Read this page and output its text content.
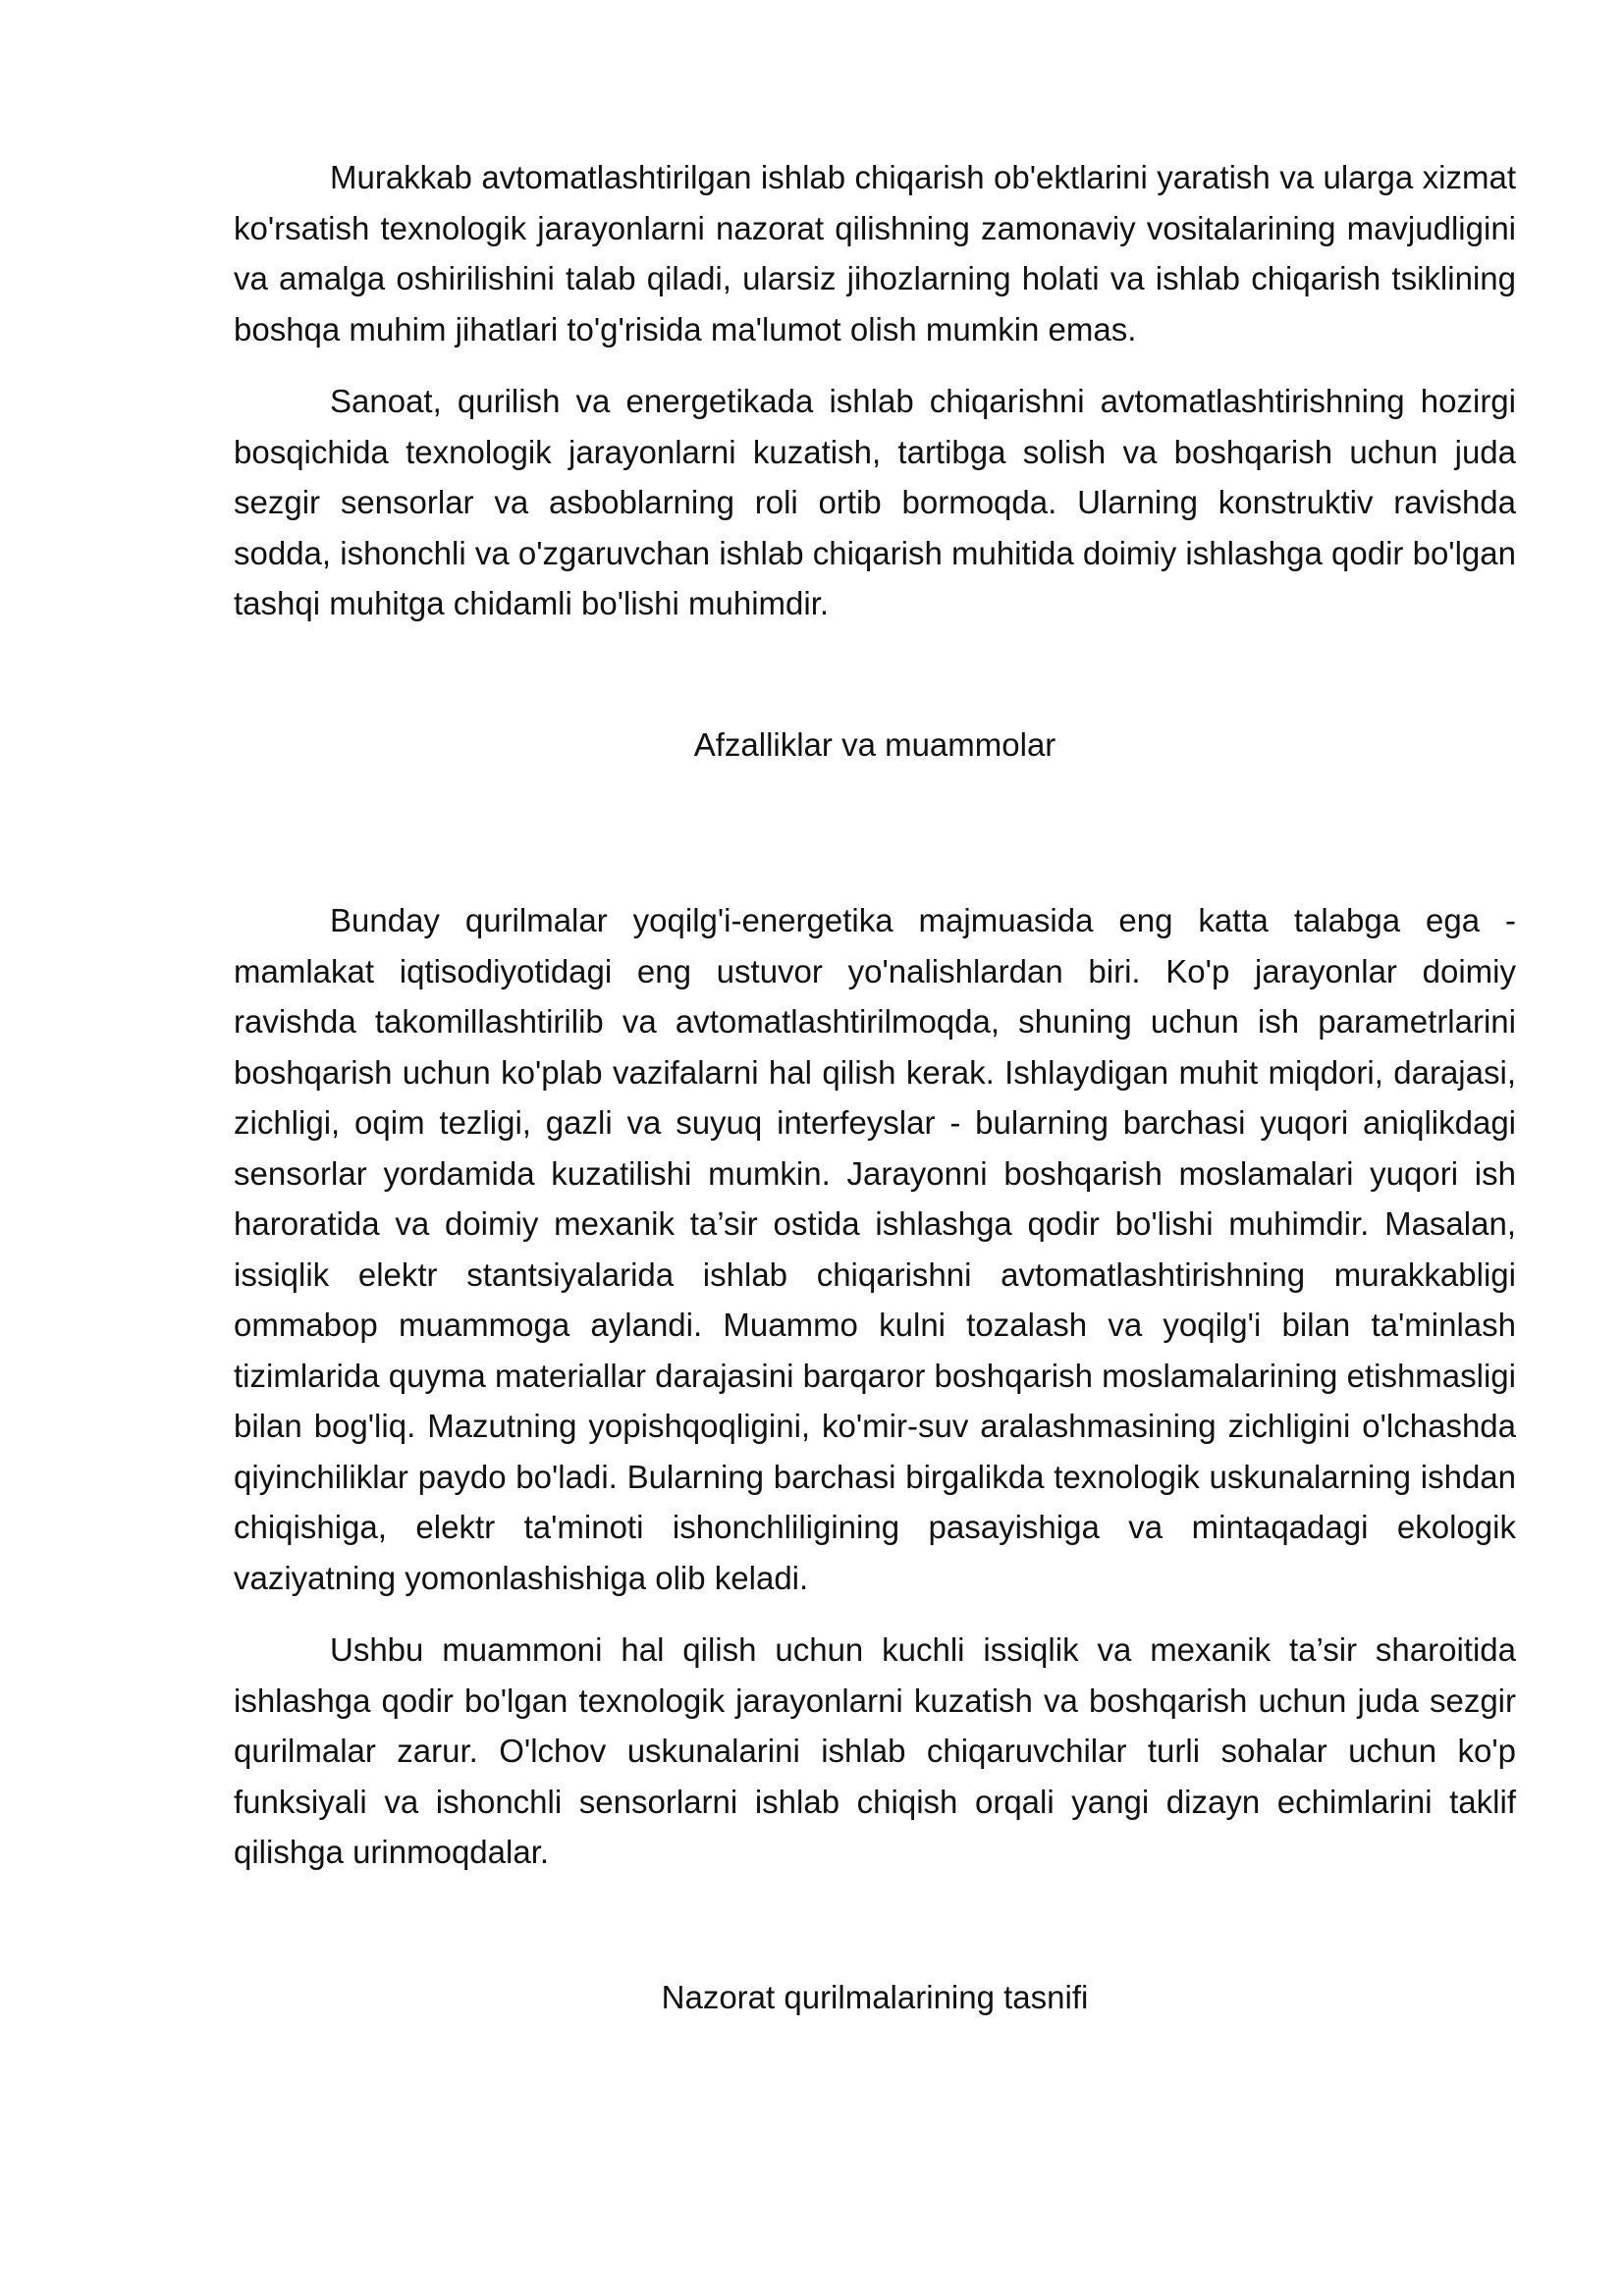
Murakkab avtomatlashtirilgan ishlab chiqarish ob'ektlarini yaratish va ularga xizmat ko'rsatish texnologik jarayonlarni nazorat qilishning zamonaviy vositalarining mavjudligini va amalga oshirilishini talab qiladi, ularsiz jihozlarning holati va ishlab chiqarish tsiklining boshqa muhim jihatlari to'g'risida ma'lumot olish mumkin emas.

Sanoat, qurilish va energetikada ishlab chiqarishni avtomatlashtirishning hozirgi bosqichida texnologik jarayonlarni kuzatish, tartibga solish va boshqarish uchun juda sezgir sensorlar va asboblarning roli ortib bormoqda. Ularning konstruktiv ravishda sodda, ishonchli va o'zgaruvchan ishlab chiqarish muhitida doimiy ishlashga qodir bo'lgan tashqi muhitga chidamli bo'lishi muhimdir.

Afzalliklar va muammolar

Bunday qurilmalar yoqilg'i-energetika majmuasida eng katta talabga ega - mamlakat iqtisodiyotidagi eng ustuvor yo'nalishlardan biri. Ko'p jarayonlar doimiy ravishda takomillashtirilib va avtomatlashtirilmoqda, shuning uchun ish parametrlarini boshqarish uchun ko'plab vazifalarni hal qilish kerak. Ishlaydigan muhit miqdori, darajasi, zichligi, oqim tezligi, gazli va suyuq interfeyslar - bularning barchasi yuqori aniqlikdagi sensorlar yordamida kuzatilishi mumkin. Jarayonni boshqarish moslamalari yuqori ish haroratida va doimiy mexanik ta’sir ostida ishlashga qodir bo'lishi muhimdir. Masalan, issiqlik elektr stantsiyalarida ishlab chiqarishni avtomatlashtirishning murakkabligi ommabop muammoga aylandi. Muammo kulni tozalash va yoqilg'i bilan ta'minlash tizimlarida quyma materiallar darajasini barqaror boshqarish moslamalarining etishmasligi bilan bog'liq. Mazutning yopishqoqligini, ko'mir-suv aralashmasining zichligini o'lchashda qiyinchiliklar paydo bo'ladi. Bularning barchasi birgalikda texnologik uskunalarning ishdan chiqishiga, elektr ta'minoti ishonchliligining pasayishiga va mintaqadagi ekologik vaziyatning yomonlashishiga olib keladi.

Ushbu muammoni hal qilish uchun kuchli issiqlik va mexanik ta’sir sharoitida ishlashga qodir bo'lgan texnologik jarayonlarni kuzatish va boshqarish uchun juda sezgir qurilmalar zarur. O'lchov uskunalarini ishlab chiqaruvchilar turli sohalar uchun ko'p funksiyali va ishonchli sensorlarni ishlab chiqish orqali yangi dizayn echimlarini taklif qilishga urinmoqdalar.

Nazorat qurilmalarining tasnifi
